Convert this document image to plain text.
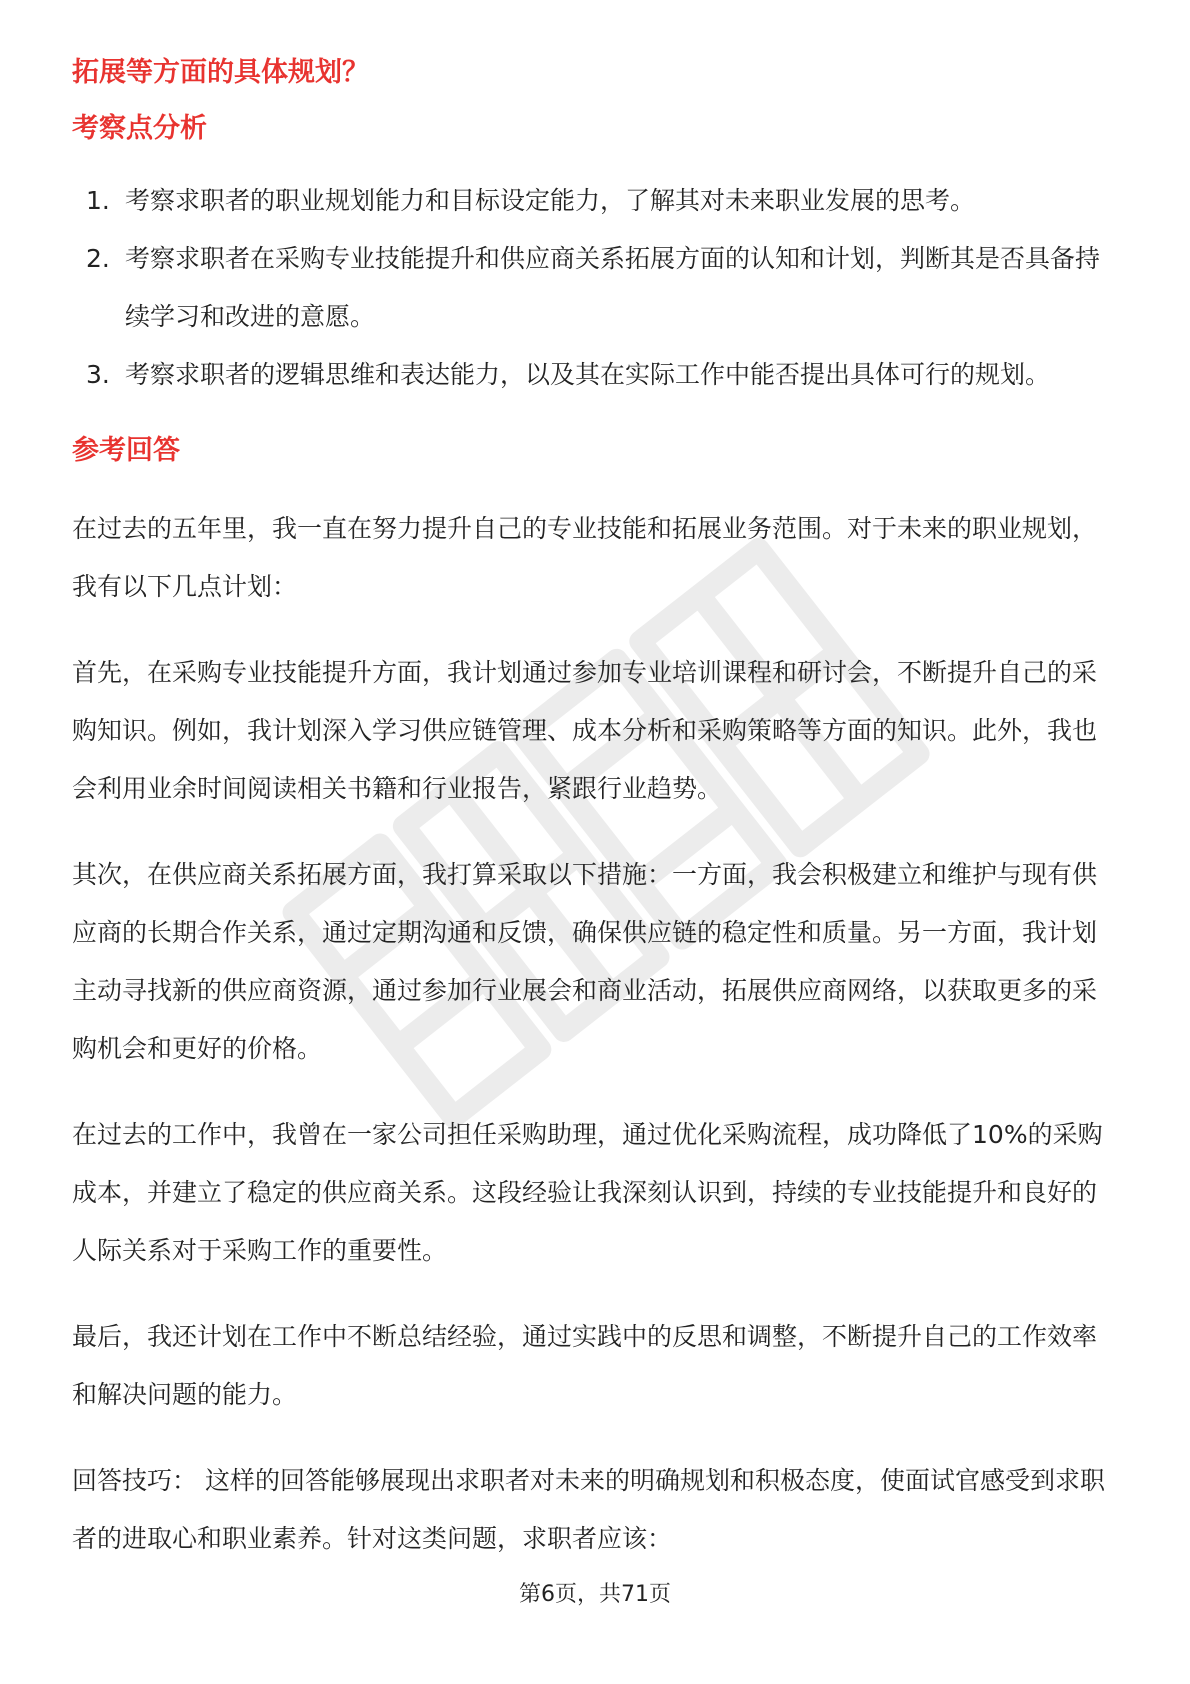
拓展等方面的具体规划？
考察点分析
1. 考察求职者的职业规划能力和目标设定能力，了解其对未来职业发展的思考。
2. 考察求职者在采购专业技能提升和供应商关系拓展方面的认知和计划，判断其是否具备持续学习和改进的意愿。
3. 考察求职者的逻辑思维和表达能力，以及其在实际工作中能否提出具体可行的规划。
参考回答

在过去的五年里，我一直在努力提升自己的专业技能和拓展业务范围。对于未来的职业规划，我有以下几点计划：

首先，在采购专业技能提升方面，我计划通过参加专业培训课程和研讨会，不断提升自己的采购知识。例如，我计划深入学习供应链管理、成本分析和采购策略等方面的知识。此外，我也会利用业余时间阅读相关书籍和行业报告，紧跟行业趋势。

其次，在供应商关系拓展方面，我打算采取以下措施：一方面，我会积极建立和维护与现有供应商的长期合作关系，通过定期沟通和反馈，确保供应链的稳定性和质量。另一方面，我计划主动寻找新的供应商资源，通过参加行业展会和商业活动，拓展供应商网络，以获取更多的采购机会和更好的价格。

在过去的工作中，我曾在一家公司担任采购助理，通过优化采购流程，成功降低了10%的采购成本，并建立了稳定的供应商关系。这段经验让我深刻认识到，持续的专业技能提升和良好的人际关系对于采购工作的重要性。

最后，我还计划在工作中不断总结经验，通过实践中的反思和调整，不断提升自己的工作效率和解决问题的能力。

回答技巧： 这样的回答能够展现出求职者对未来的明确规划和积极态度，使面试官感受到求职者的进取心和职业素养。针对这类问题，求职者应该：

第6页，共71页
